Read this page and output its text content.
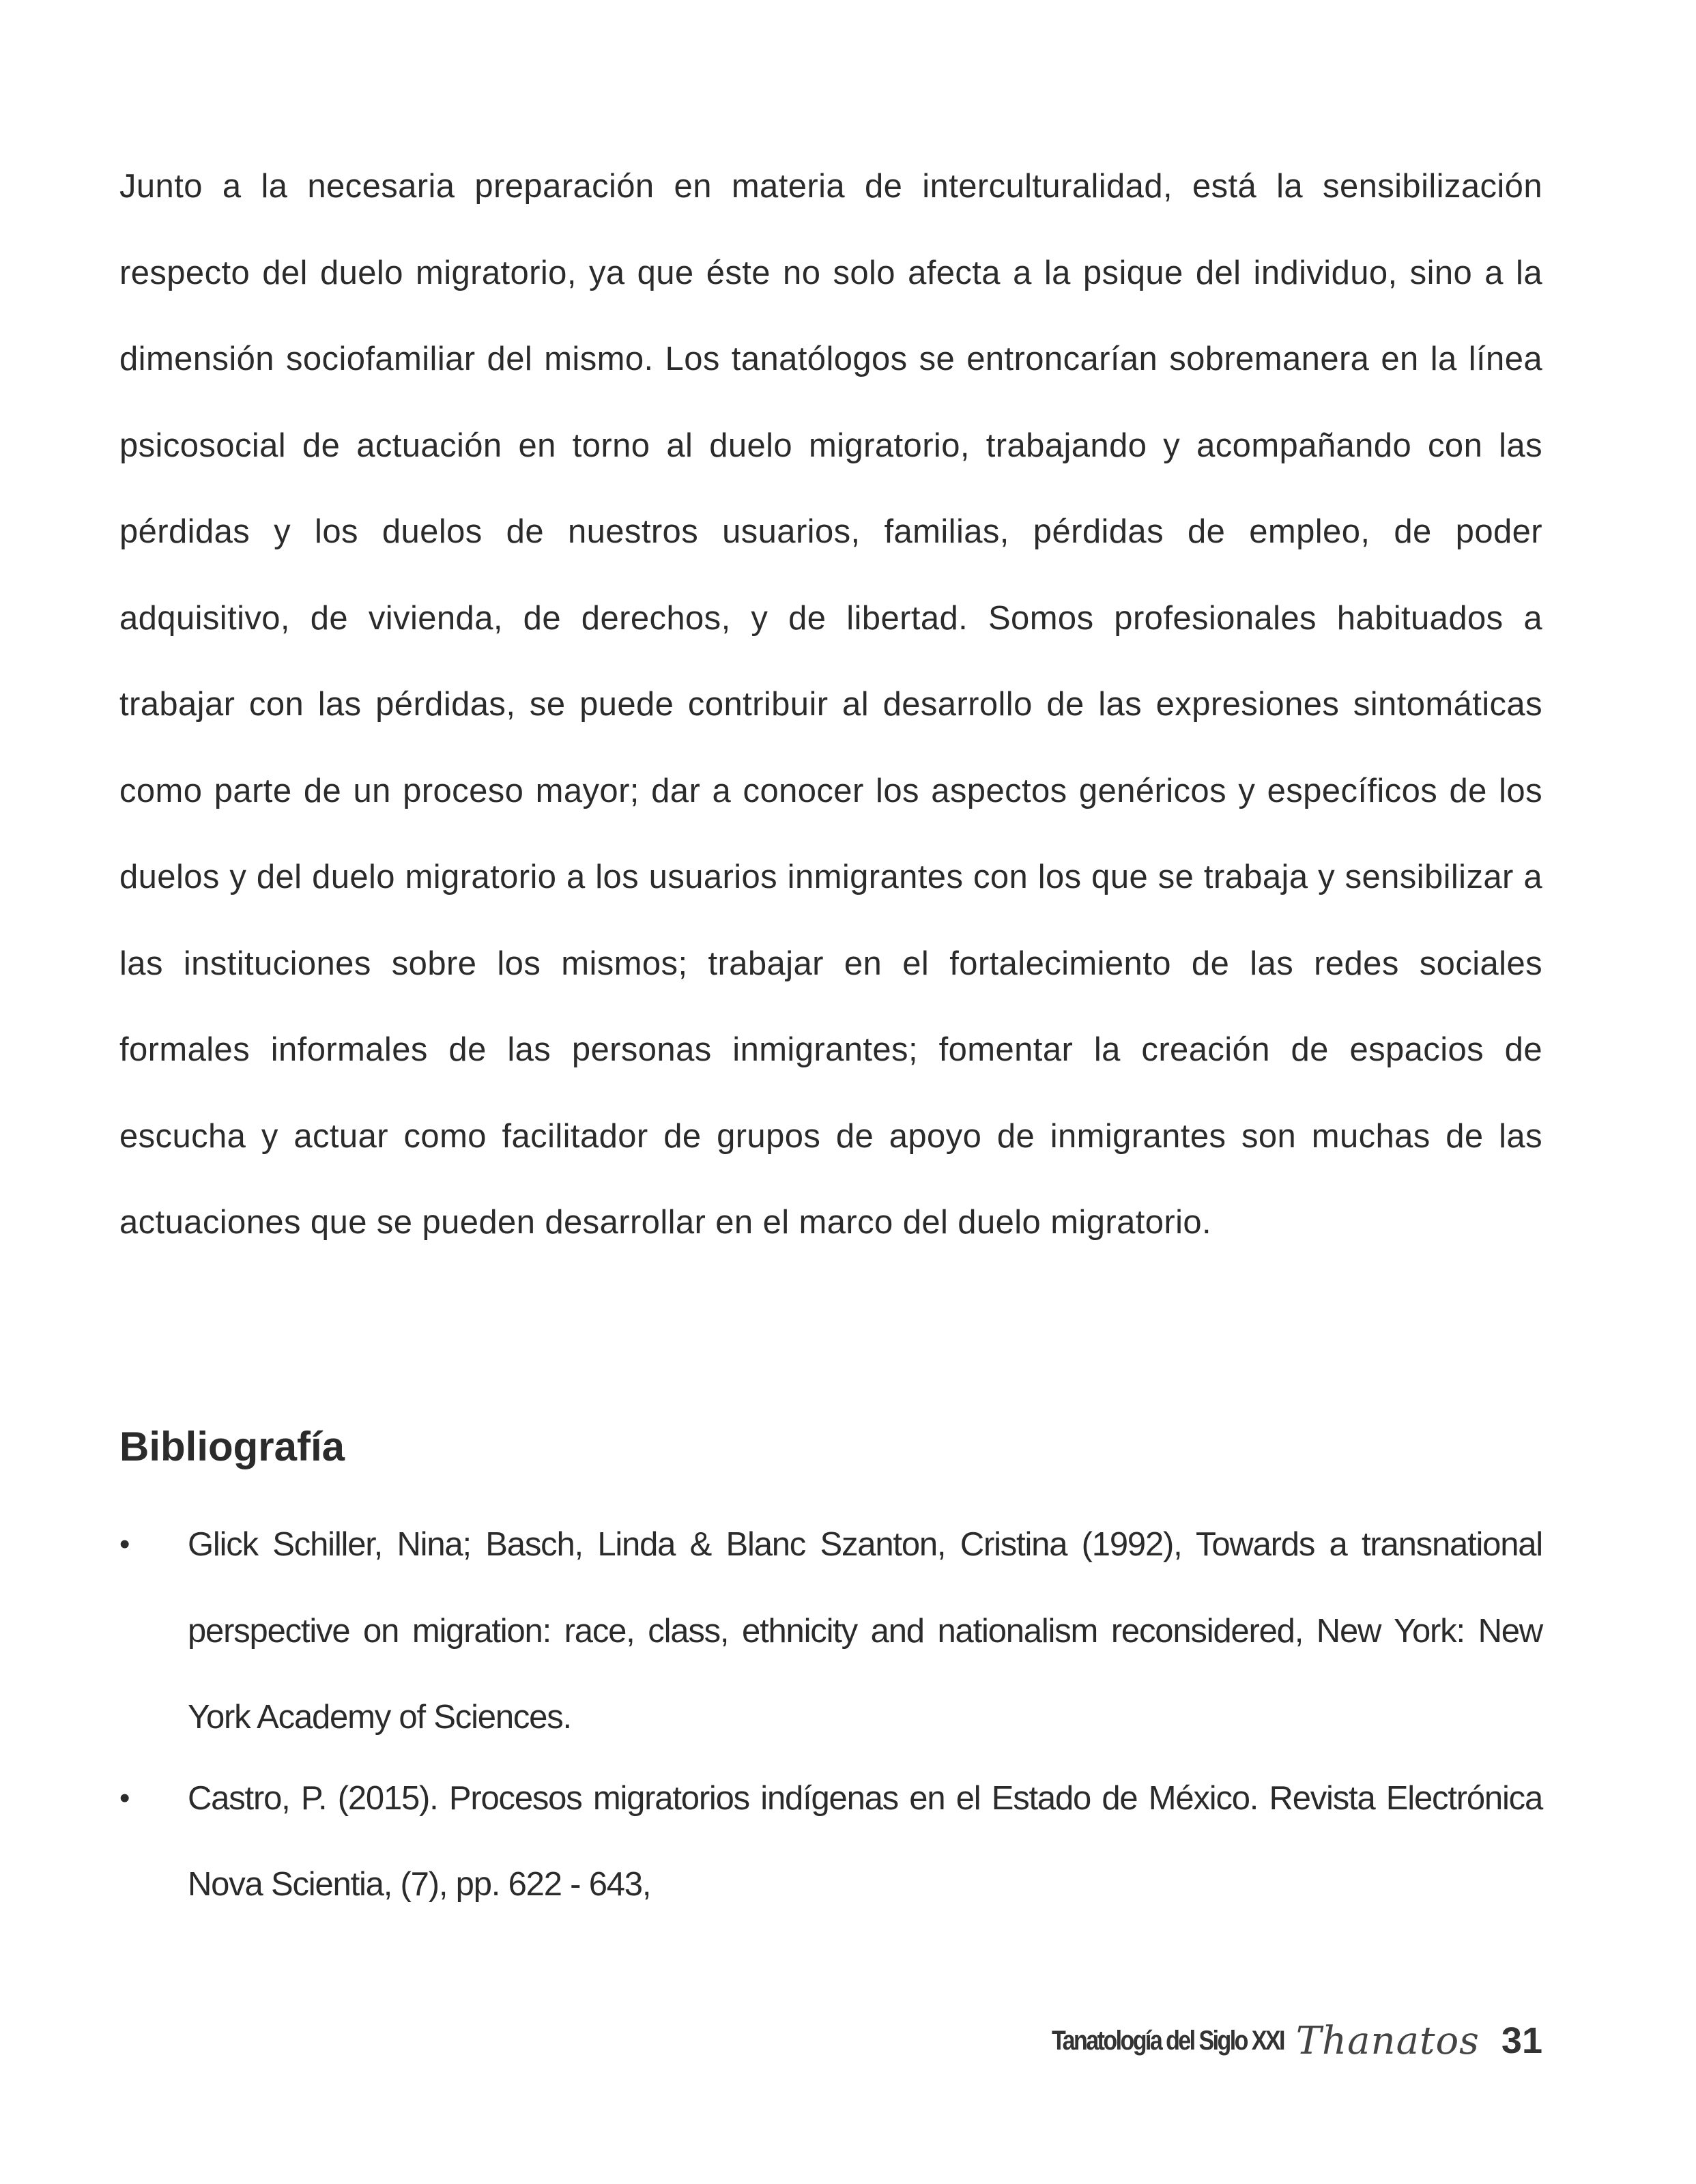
Junto a la necesaria preparación en materia de interculturalidad, está la sensibilización respecto del duelo migratorio, ya que éste no solo afecta a la psique del individuo, sino a la dimensión sociofamiliar del mismo. Los tanatólogos se entroncarían sobremanera en la línea psicosocial de actuación en torno al duelo migratorio, trabajando y acompañando con las pérdidas y los duelos de nuestros usuarios, familias, pérdidas de empleo, de poder adquisitivo, de vivienda, de derechos, y de libertad. Somos profesionales habituados a trabajar con las pérdidas, se puede contribuir al desarrollo de las expresiones sintomáticas como parte de un proceso mayor; dar a conocer los aspectos genéricos y específicos de los duelos y del duelo migratorio a los usuarios inmigrantes con los que se trabaja y sensibilizar a las instituciones sobre los mismos; trabajar en el fortalecimiento de las redes sociales formales informales de las personas inmigrantes; fomentar la creación de espacios de escucha y actuar como facilitador de grupos de apoyo de inmigrantes son muchas de las actuaciones que se pueden desarrollar en el marco del duelo migratorio.

Bibliografía
•	Glick Schiller, Nina; Basch, Linda & Blanc Szanton, Cristina (1992), Towards a transnational perspective on migration: race, class, ethnicity and nationalism reconsidered, New York: New York Academy of Sciences.
•	Castro, P. (2015). Procesos migratorios indígenas en el Estado de México. Revista Electrónica Nova Scientia, (7), pp. 622 - 643,
Tanatología del Siglo XXI Thanatos 31
